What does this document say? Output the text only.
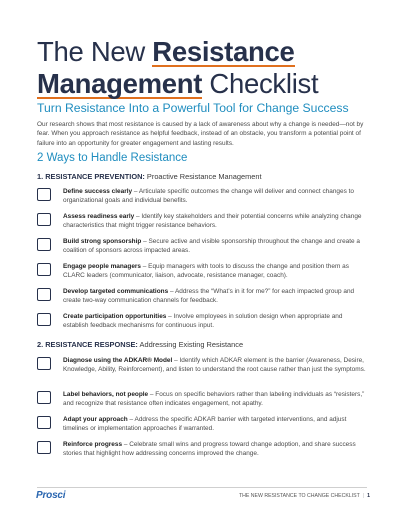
The New Resistance
Management Checklist
Turn Resistance Into a Powerful Tool for Change Success

Our research shows that most resistance is caused by a lack of awareness about why a change is needed—not by fear. When you approach resistance as helpful feedback, instead of an obstacle, you transform a potential point of failure into an opportunity for greater engagement and lasting results.

2 Ways to Handle Resistance
1. RESISTANCE PREVENTION: Proactive Resistance Management
Define success clearly – Articulate specific outcomes the change will deliver and connect changes to organizational goals and individual benefits.
Assess readiness early – Identify key stakeholders and their potential concerns while analyzing change characteristics that might trigger resistance behaviors.
Build strong sponsorship – Secure active and visible sponsorship throughout the change and create a coalition of sponsors across impacted areas.
Engage people managers – Equip managers with tools to discuss the change and position them as CLARC leaders (communicator, liaison, advocate, resistance manager, coach).
Develop targeted communications – Address the “What’s in it for me?” for each impacted group and create two-way communication channels for feedback.
Create participation opportunities – Involve employees in solution design when appropriate and establish feedback mechanisms for continuous input.
2. RESISTANCE RESPONSE: Addressing Existing Resistance
Diagnose using the ADKAR® Model – Identify which ADKAR element is the barrier (Awareness, Desire, Knowledge, Ability, Reinforcement), and listen to understand the root cause rather than just the symptoms.
Label behaviors, not people – Focus on specific behaviors rather than labeling individuals as “resisters,” and recognize that resistance often indicates engagement, not apathy.
Adapt your approach – Address the specific ADKAR barrier with targeted interventions, and adjust timelines or implementation approaches if warranted.
Reinforce progress – Celebrate small wins and progress toward change adoption, and share success stories that highlight how addressing concerns improved the change.
Prosci	THE NEW RESISTANCE TO CHANGE CHECKLIST | 1
